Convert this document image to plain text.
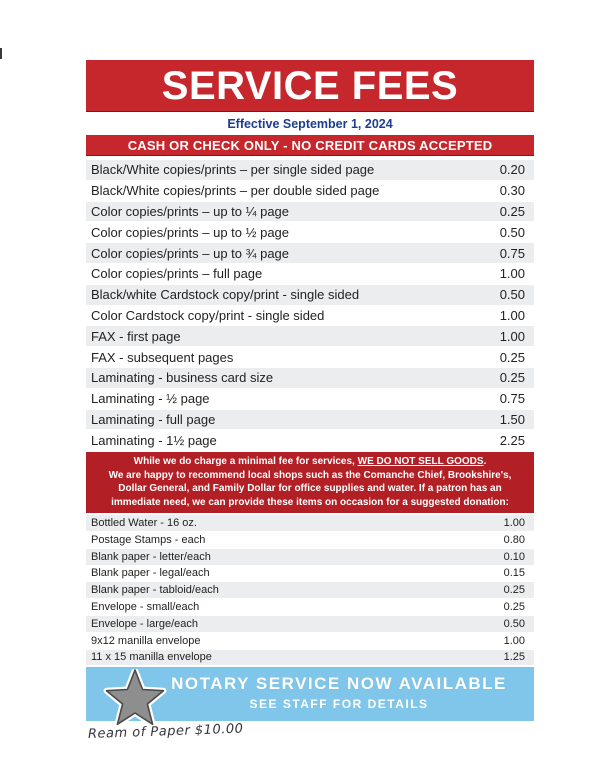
SERVICE FEES
Effective September 1, 2024
CASH OR CHECK ONLY - NO CREDIT CARDS ACCEPTED
Black/White copies/prints – per single sided page	0.20
Black/White copies/prints – per double sided page	0.30
Color copies/prints – up to ¼ page	0.25
Color copies/prints – up to ½ page	0.50
Color copies/prints – up to ¾ page	0.75
Color copies/prints – full page	1.00
Black/white Cardstock copy/print - single sided	0.50
Color Cardstock copy/print - single sided	1.00
FAX - first page	1.00
FAX - subsequent pages	0.25
Laminating - business card size	0.25
Laminating - ½ page	0.75
Laminating - full page	1.50
Laminating - 1½ page	2.25
While we do charge a minimal fee for services, WE DO NOT SELL GOODS.
We are happy to recommend local shops such as the Comanche Chief, Brookshire's,
Dollar General, and Family Dollar for office supplies and water. If a patron has an
immediate need, we can provide these items on occasion for a suggested donation:
Bottled Water - 16 oz.	1.00
Postage Stamps - each	0.80
Blank paper - letter/each	0.10
Blank paper - legal/each	0.15
Blank paper - tabloid/each	0.25
Envelope - small/each	0.25
Envelope - large/each	0.50
9x12 manilla envelope	1.00
11 x 15 manilla envelope	1.25
NOTARY SERVICE NOW AVAILABLE
SEE STAFF FOR DETAILS
Ream of Paper $10.00
